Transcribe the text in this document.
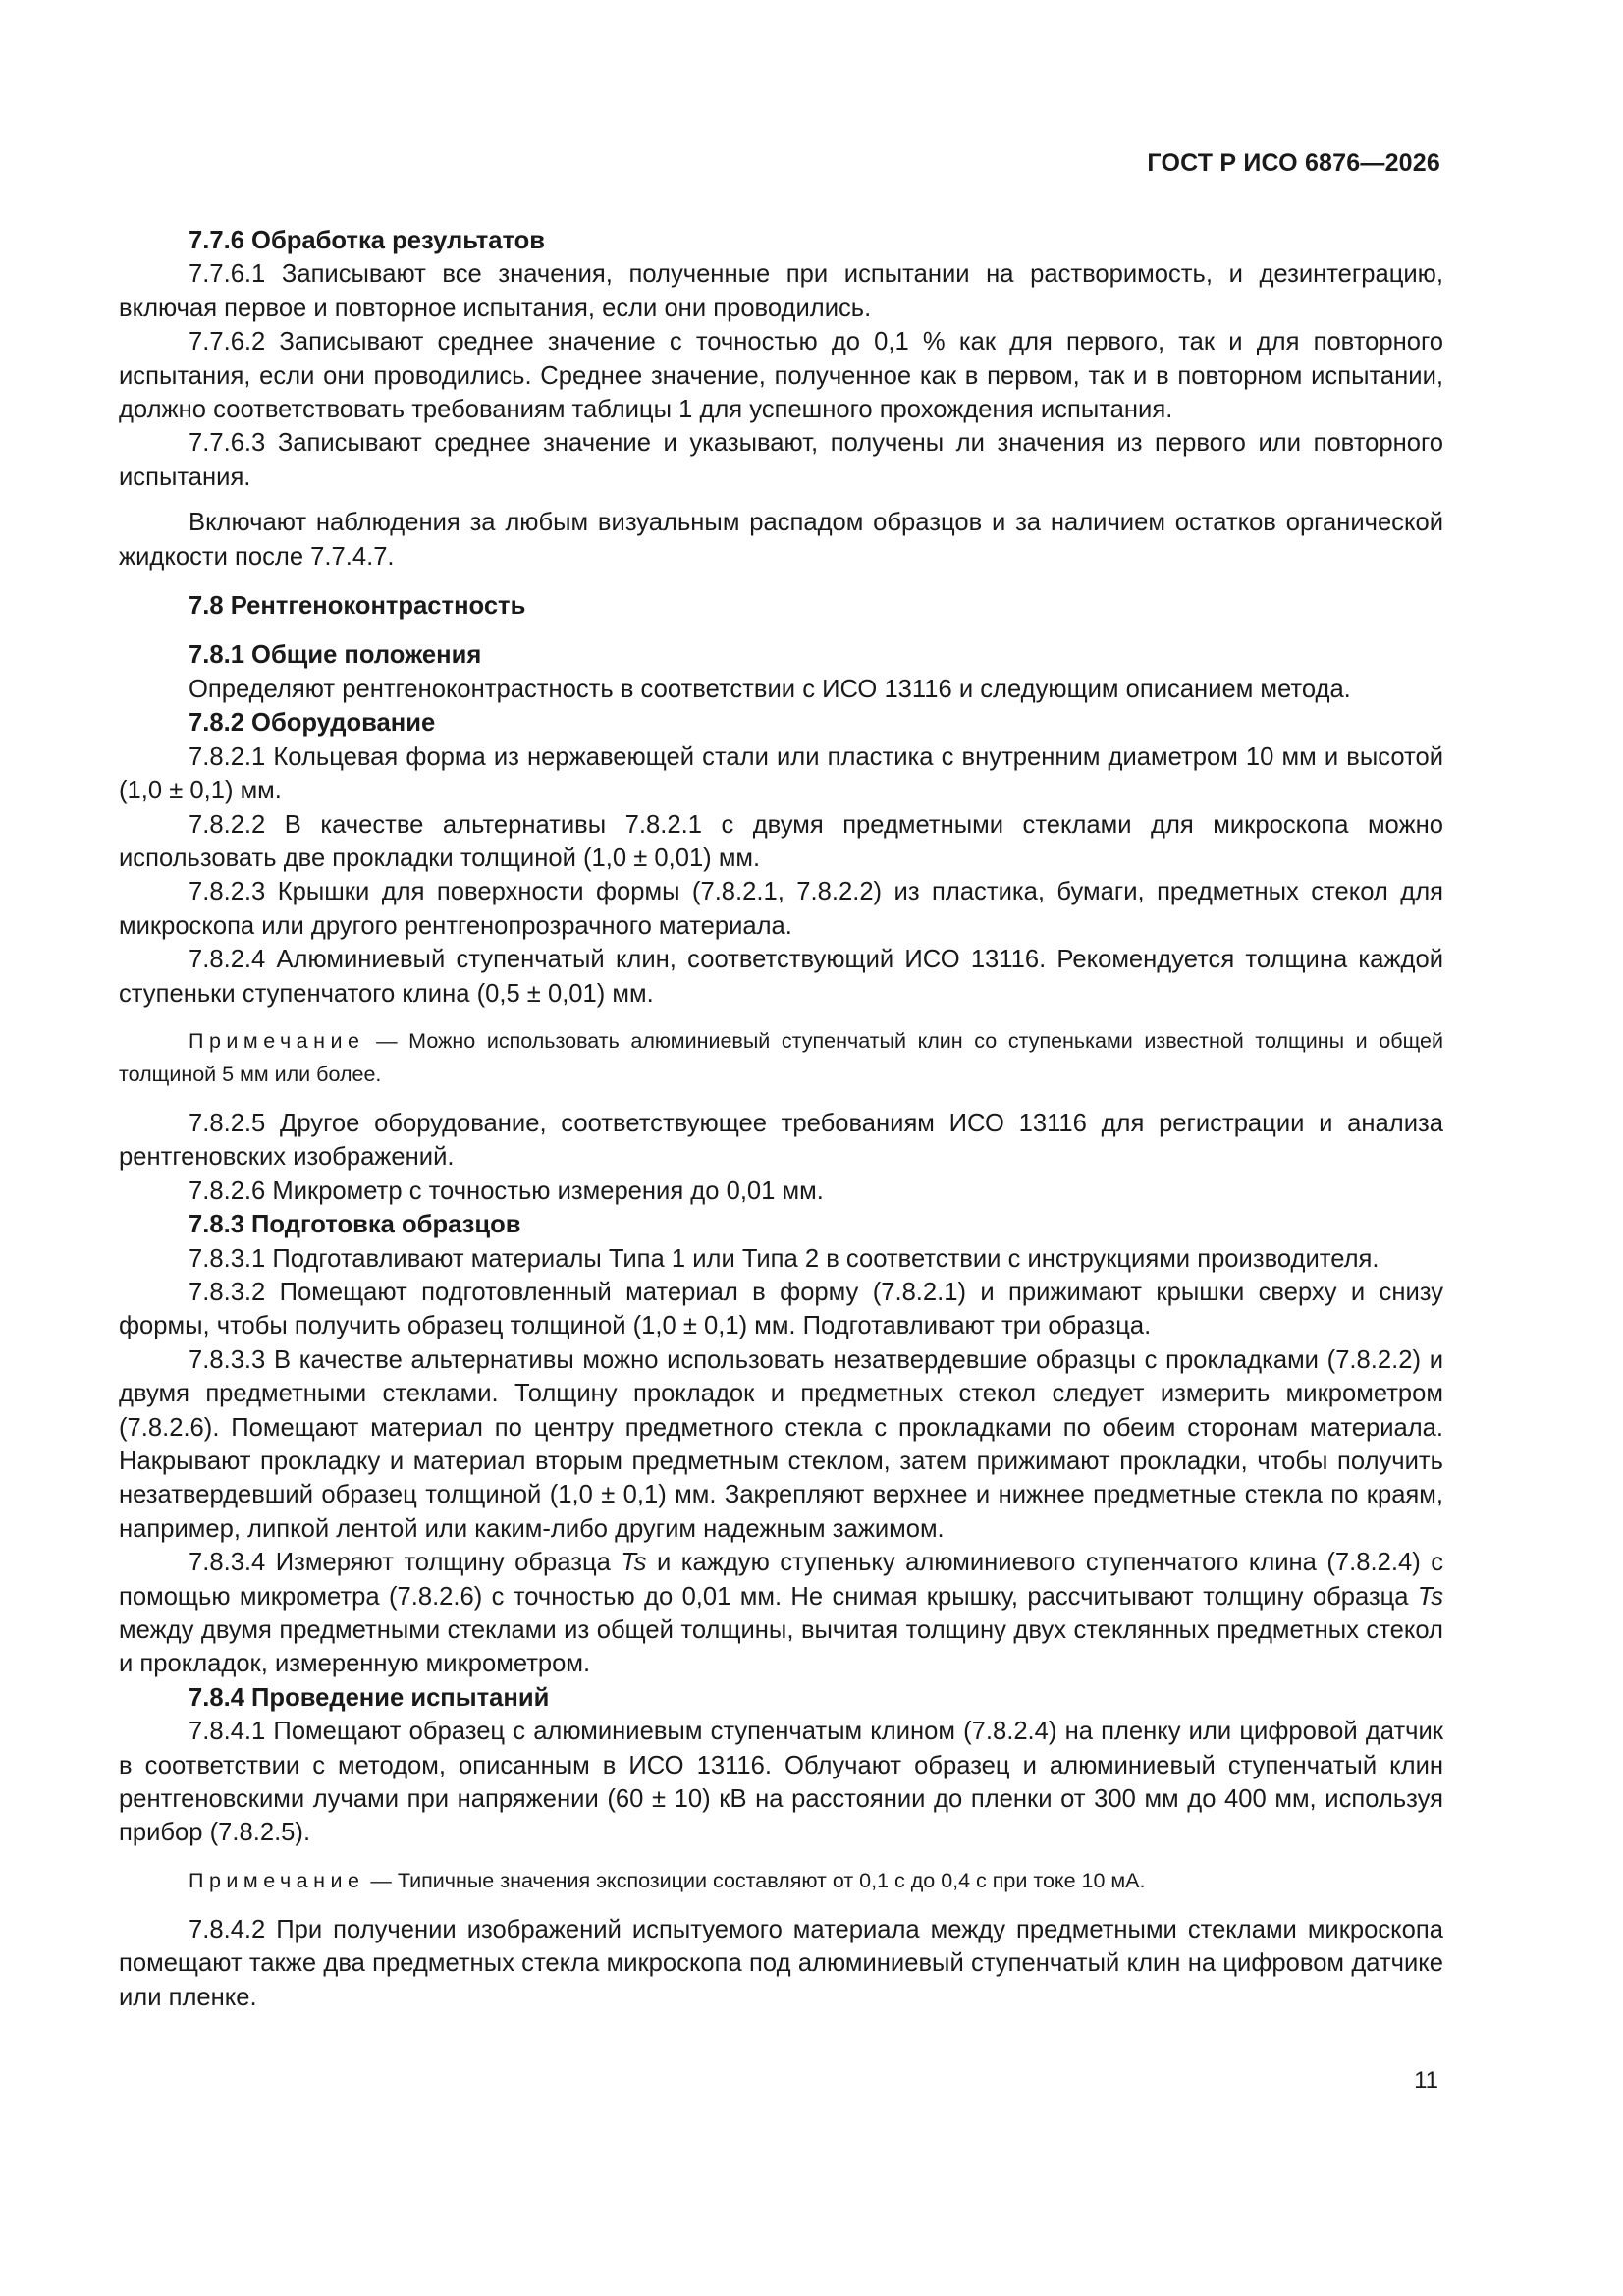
ГОСТ Р ИСО 6876—2026

7.7.6 Обработка результатов

7.7.6.1 Записывают все значения, полученные при испытании на растворимость, и дезинтеграцию, включая первое и повторное испытания, если они проводились.

7.7.6.2 Записывают среднее значение с точностью до 0,1 % как для первого, так и для повторного испытания, если они проводились. Среднее значение, полученное как в первом, так и в повторном испытании, должно соответствовать требованиям таблицы 1 для успешного прохождения испытания.

7.7.6.3 Записывают среднее значение и указывают, получены ли значения из первого или повторного испытания.

Включают наблюдения за любым визуальным распадом образцов и за наличием остатков органической жидкости после 7.7.4.7.

7.8 Рентгеноконтрастность

7.8.1 Общие положения

Определяют рентгеноконтрастность в соответствии с ИСО 13116 и следующим описанием метода.

7.8.2 Оборудование

7.8.2.1 Кольцевая форма из нержавеющей стали или пластика с внутренним диаметром 10 мм и высотой (1,0 ± 0,1) мм.

7.8.2.2 В качестве альтернативы 7.8.2.1 с двумя предметными стеклами для микроскопа можно использовать две прокладки толщиной (1,0 ± 0,01) мм.

7.8.2.3 Крышки для поверхности формы (7.8.2.1, 7.8.2.2) из пластика, бумаги, предметных стекол для микроскопа или другого рентгенопрозрачного материала.

7.8.2.4 Алюминиевый ступенчатый клин, соответствующий ИСО 13116. Рекомендуется толщина каждой ступеньки ступенчатого клина (0,5 ± 0,01) мм.

Примечание — Можно использовать алюминиевый ступенчатый клин со ступеньками известной толщины и общей толщиной 5 мм или более.

7.8.2.5 Другое оборудование, соответствующее требованиям ИСО 13116 для регистрации и анализа рентгеновских изображений.

7.8.2.6 Микрометр с точностью измерения до 0,01 мм.

7.8.3 Подготовка образцов

7.8.3.1 Подготавливают материалы Типа 1 или Типа 2 в соответствии с инструкциями производителя.

7.8.3.2 Помещают подготовленный материал в форму (7.8.2.1) и прижимают крышки сверху и снизу формы, чтобы получить образец толщиной (1,0 ± 0,1) мм. Подготавливают три образца.

7.8.3.3 В качестве альтернативы можно использовать незатвердевшие образцы с прокладками (7.8.2.2) и двумя предметными стеклами. Толщину прокладок и предметных стекол следует измерить микрометром (7.8.2.6). Помещают материал по центру предметного стекла с прокладками по обеим сторонам материала. Накрывают прокладку и материал вторым предметным стеклом, затем прижимают прокладки, чтобы получить незатвердевший образец толщиной (1,0 ± 0,1) мм. Закрепляют верхнее и нижнее предметные стекла по краям, например, липкой лентой или каким-либо другим надежным зажимом.

7.8.3.4 Измеряют толщину образца Ts и каждую ступеньку алюминиевого ступенчатого клина (7.8.2.4) с помощью микрометра (7.8.2.6) с точностью до 0,01 мм. Не снимая крышку, рассчитывают толщину образца Ts между двумя предметными стеклами из общей толщины, вычитая толщину двух стеклянных предметных стекол и прокладок, измеренную микрометром.

7.8.4 Проведение испытаний

7.8.4.1 Помещают образец с алюминиевым ступенчатым клином (7.8.2.4) на пленку или цифровой датчик в соответствии с методом, описанным в ИСО 13116. Облучают образец и алюминиевый ступенчатый клин рентгеновскими лучами при напряжении (60 ± 10) кВ на расстоянии до пленки от 300 мм до 400 мм, используя прибор (7.8.2.5).

Примечание — Типичные значения экспозиции составляют от 0,1 с до 0,4 с при токе 10 мА.

7.8.4.2 При получении изображений испытуемого материала между предметными стеклами микроскопа помещают также два предметных стекла микроскопа под алюминиевый ступенчатый клин на цифровом датчике или пленке.

11
